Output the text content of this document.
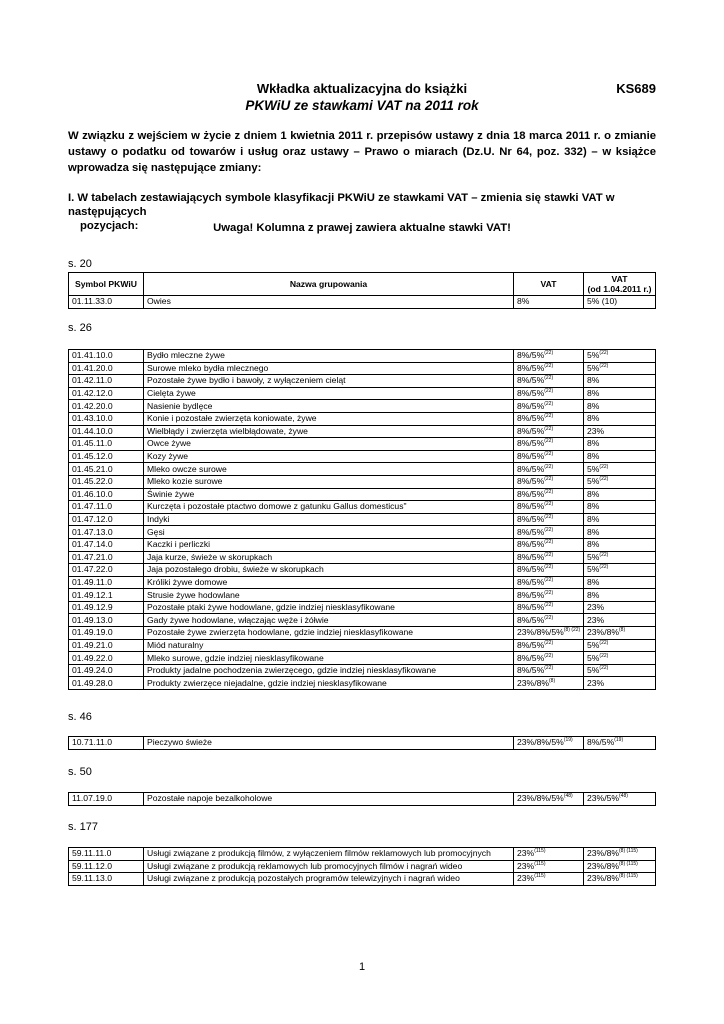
Wkładka aktualizacyjna do książki
PKWiU ze stawkami VAT na 2011 rok
KS689
W związku z wejściem w życie z dniem 1 kwietnia 2011 r. przepisów ustawy z dnia 18 marca 2011 r. o zmianie ustawy o podatku od towarów i usług oraz ustawy – Prawo o miarach (Dz.U. Nr 64, poz. 332) – w książce wprowadza się następujące zmiany:
I. W tabelach zestawiających symbole klasyfikacji PKWiU ze stawkami VAT – zmienia się stawki VAT w następujących
pozycjach:	Uwaga! Kolumna z prawej zawiera aktualne stawki VAT!
s. 20
Symbol PKWiU	Nazwa grupowania	VAT	VAT
(od 1.04.2011 r.)
01.11.33.0	Owies	8%	5% (10)
s. 26
01.41.10.0	Bydło mleczne żywe	8%/5%$^{(22)}$	5%$^{(22)}$
01.41.20.0	Surowe mleko bydła mlecznego	8%/5%$^{(22)}$	5%$^{(22)}$
01.42.11.0	Pozostałe żywe bydło i bawoły, z wyłączeniem cieląt	8%/5%$^{(22)}$	8%
01.42.12.0	Cielęta żywe	8%/5%$^{(22)}$	8%
01.42.20.0	Nasienie bydlęce	8%/5%$^{(22)}$	8%
01.43.10.0	Konie i pozostałe zwierzęta koniowate, żywe	8%/5%$^{(22)}$	8%
01.44.10.0	Wielbłądy i zwierzęta wielbłądowate, żywe	8%/5%$^{(22)}$	23%
01.45.11.0	Owce żywe	8%/5%$^{(22)}$	8%
01.45.12.0	Kozy żywe	8%/5%$^{(22)}$	8%
01.45.21.0	Mleko owcze surowe	8%/5%$^{(22)}$	5%$^{(22)}$
01.45.22.0	Mleko kozie surowe	8%/5%$^{(22)}$	5%$^{(22)}$
01.46.10.0	Świnie żywe	8%/5%$^{(22)}$	8%
01.47.11.0	Kurczęta i pozostałe ptactwo domowe z gatunku Gallus domesticus"	8%/5%$^{(22)}$	8%
01.47.12.0	Indyki	8%/5%$^{(22)}$	8%
01.47.13.0	Gęsi	8%/5%$^{(22)}$	8%
01.47.14.0	Kaczki i perliczki	8%/5%$^{(22)}$	8%
01.47.21.0	Jaja kurze, świeże w skorupkach	8%/5%$^{(22)}$	5%$^{(22)}$
01.47.22.0	Jaja pozostałego drobiu, świeże w skorupkach	8%/5%$^{(22)}$	5%$^{(22)}$
01.49.11.0	Króliki żywe domowe	8%/5%$^{(22)}$	8%
01.49.12.1	Strusie żywe hodowlane	8%/5%$^{(22)}$	8%
01.49.12.9	Pozostałe ptaki żywe hodowlane, gdzie indziej niesklasyfikowane	8%/5%$^{(22)}$	23%
01.49.13.0	Gady żywe hodowlane, włączając węże i żółwie	8%/5%$^{(22)}$	23%
01.49.19.0	Pozostałe żywe zwierzęta hodowlane, gdzie indziej niesklasyfikowane	23%/8%/5%$^{(8) (22)}$	23%/8%$^{(8)}$
01.49.21.0	Miód naturalny	8%/5%$^{(22)}$	5%$^{(22)}$
01.49.22.0	Mleko surowe, gdzie indziej niesklasyfikowane	8%/5%$^{(22)}$	5%$^{(22)}$
01.49.24.0	Produkty jadalne pochodzenia zwierzęcego, gdzie indziej niesklasyfikowane	8%/5%$^{(22)}$	5%$^{(22)}$
01.49.28.0	Produkty zwierzęce niejadalne, gdzie indziej niesklasyfikowane	23%/8%$^{(8)}$	23%
s. 46
10.71.11.0	Pieczywo świeże	23%/8%/5%$^{(19)}$	8%/5%$^{(19)}$
s. 50
11.07.19.0	Pozostałe napoje bezalkoholowe	23%/8%/5%$^{(48)}$	23%/5%$^{(48)}$
s. 177
59.11.11.0	Usługi związane z produkcją filmów, z wyłączeniem filmów reklamowych lub promocyjnych	23%$^{(115)}$	23%/8%$^{(8) (115)}$
59.11.12.0	Usługi związane z produkcją reklamowych lub promocyjnych filmów i nagrań wideo	23%$^{(115)}$	23%/8%$^{(8) (115)}$
59.11.13.0	Usługi związane z produkcją pozostałych programów telewizyjnych i nagrań wideo	23%$^{(115)}$	23%/8%$^{(8) (115)}$
1
